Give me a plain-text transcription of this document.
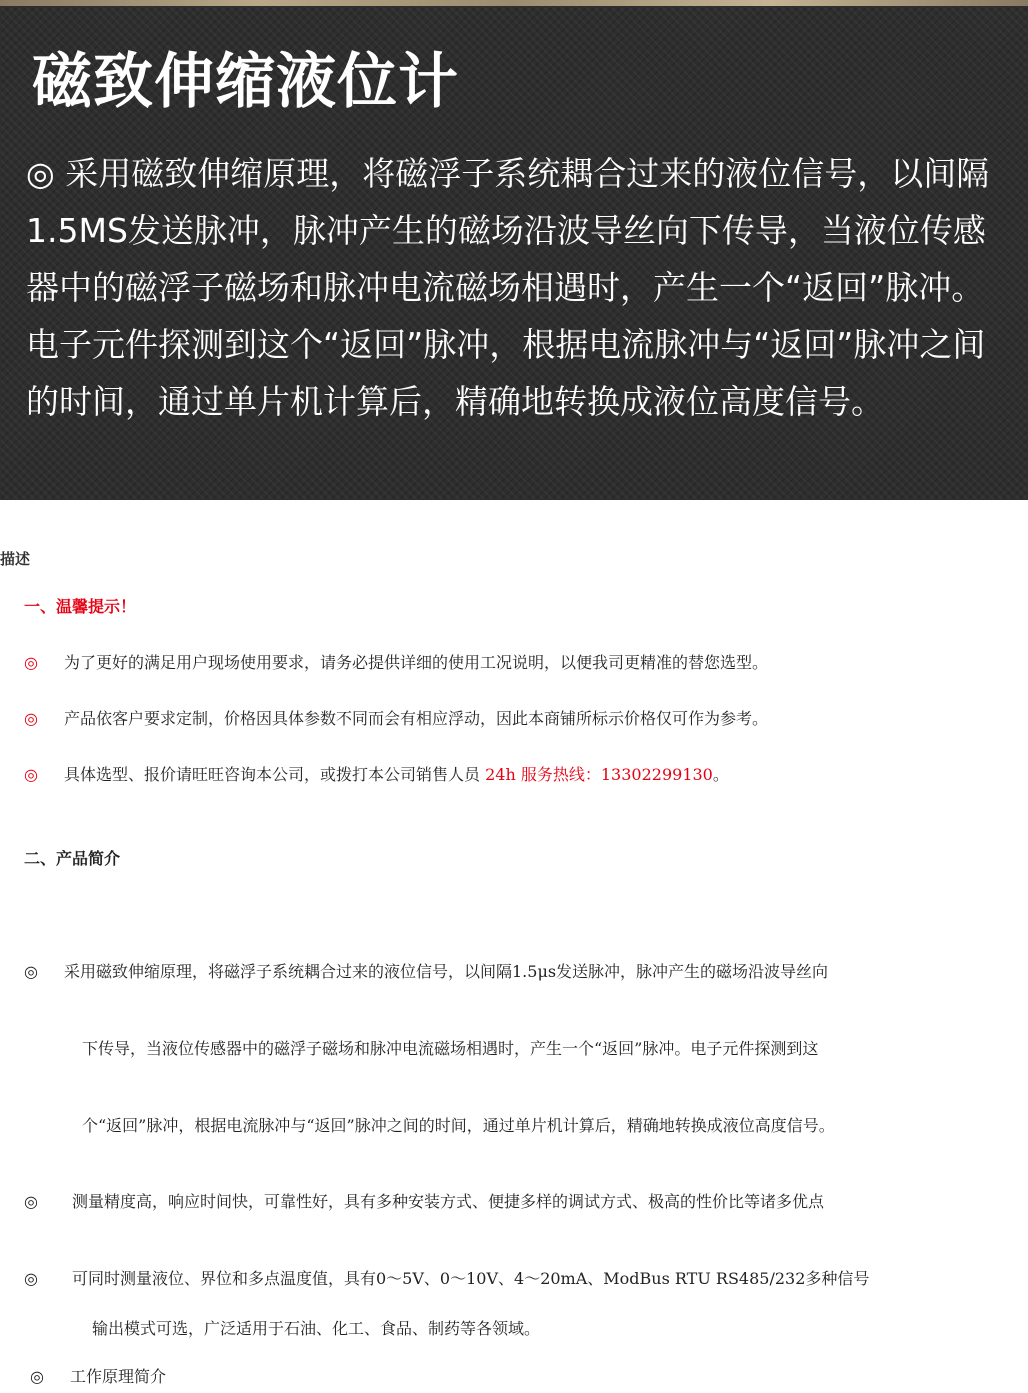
磁致伸缩液位计

◎ 采用磁致伸缩原理，将磁浮子系统耦合过来的液位信号，以间隔1.5MS发送脉冲，脉冲产生的磁场沿波导丝向下传导，当液位传感器中的磁浮子磁场和脉冲电流磁场相遇时，产生一个“返回”脉冲。电子元件探测到这个“返回”脉冲，根据电流脉冲与“返回”脉冲之间的时间，通过单片机计算后，精确地转换成液位高度信号。

描述
一、温馨提示！
◎ 为了更好的满足用户现场使用要求，请务必提供详细的使用工况说明，以便我司更精准的替您选型。
◎ 产品依客户要求定制，价格因具体参数不同而会有相应浮动，因此本商铺所标示价格仅可作为参考。
◎ 具体选型、报价请旺旺咨询本公司，或拨打本公司销售人员 24h 服务热线：13302299130。
二、产品简介
◎ 采用磁致伸缩原理，将磁浮子系统耦合过来的液位信号，以间隔1.5μs发送脉冲，脉冲产生的磁场沿波导丝向
下传导，当液位传感器中的磁浮子磁场和脉冲电流磁场相遇时，产生一个“返回”脉冲。电子元件探测到这
个“返回”脉冲，根据电流脉冲与“返回”脉冲之间的时间，通过单片机计算后，精确地转换成液位高度信号。
◎ 测量精度高，响应时间快，可靠性好，具有多种安装方式、便捷多样的调试方式、极高的性价比等诸多优点
◎ 可同时测量液位、界位和多点温度值，具有0～5V、0～10V、4～20mA、ModBus RTU RS485/232多种信号
输出模式可选，广泛适用于石油、化工、食品、制药等各领域。
◎ 工作原理简介
